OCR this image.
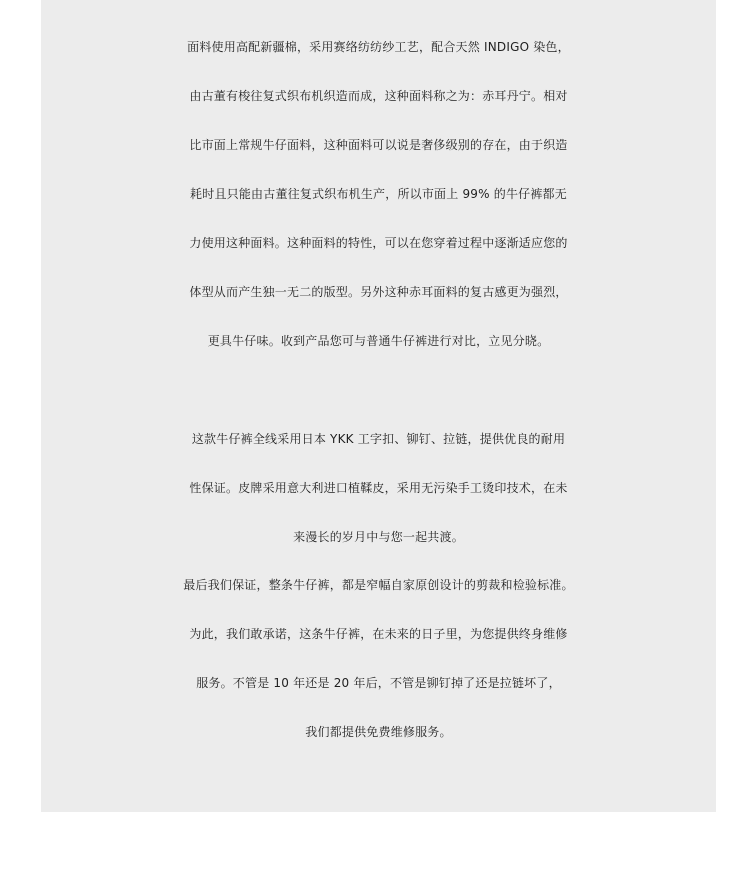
面料使用高配新疆棉，采用赛络纺纺纱工艺，配合天然 INDIGO 染色，
由古董有梭往复式织布机织造而成，这种面料称之为：赤耳丹宁。相对
比市面上常规牛仔面料，这种面料可以说是奢侈级别的存在，由于织造
耗时且只能由古董往复式织布机生产，所以市面上 99% 的牛仔裤都无
力使用这种面料。这种面料的特性，可以在您穿着过程中逐渐适应您的
体型从而产生独一无二的版型。另外这种赤耳面料的复古感更为强烈，
更具牛仔味。收到产品您可与普通牛仔裤进行对比，立见分晓。
这款牛仔裤全线采用日本 YKK 工字扣、铆钉、拉链，提供优良的耐用
性保证。皮牌采用意大利进口植鞣皮，采用无污染手工烫印技术，在未
来漫长的岁月中与您一起共渡。
最后我们保证，整条牛仔裤，都是窄幅自家原创设计的剪裁和检验标准。
为此，我们敢承诺，这条牛仔裤，在未来的日子里，为您提供终身维修
服务。不管是 10 年还是 20 年后，不管是铆钉掉了还是拉链坏了，
我们都提供免费维修服务。
